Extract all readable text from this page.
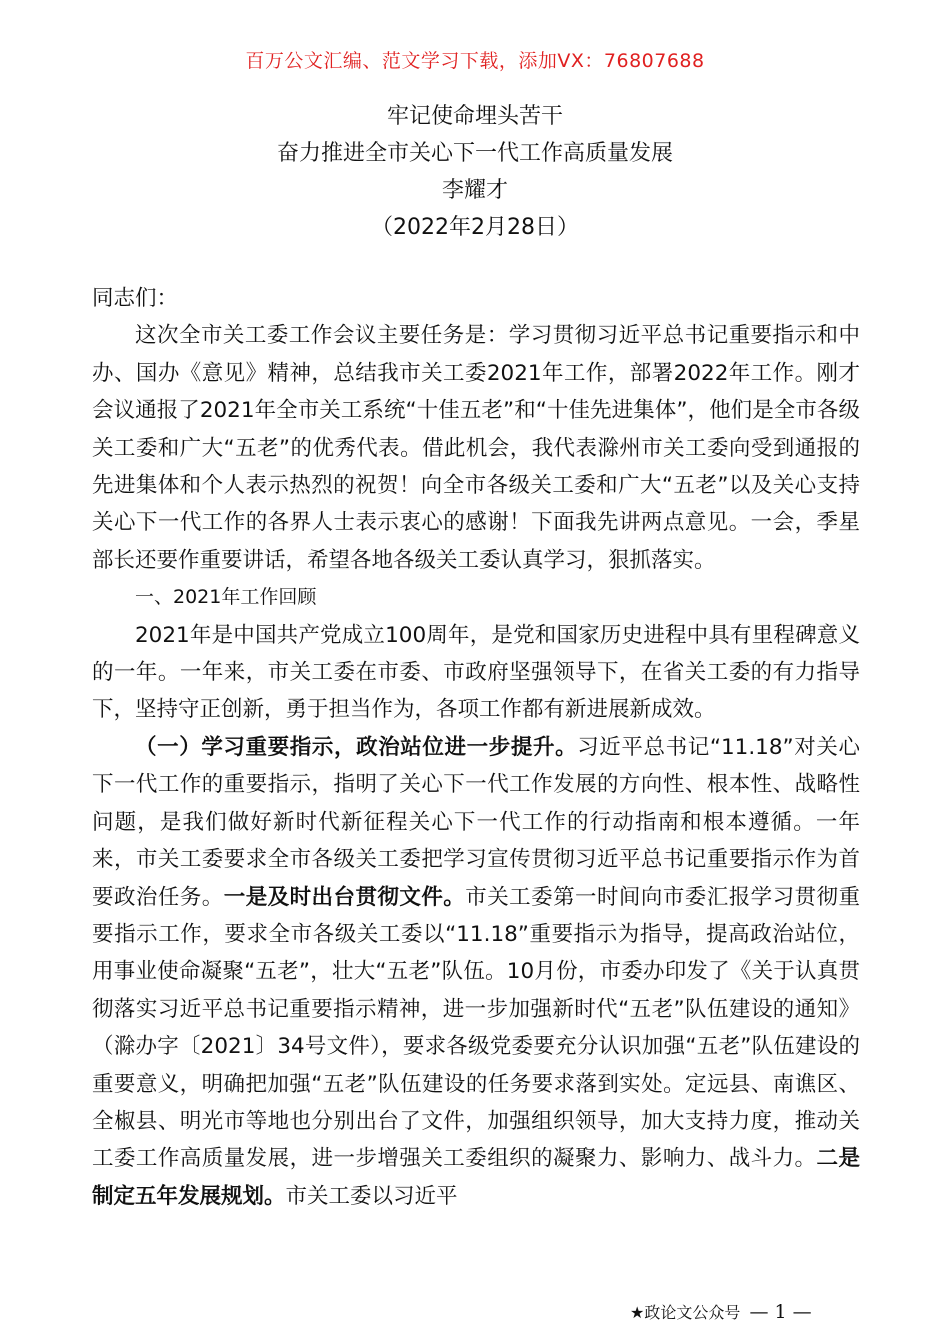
百万公文汇编、范文学习下载，添加VX：76807688
牢记使命埋头苦干
奋力推进全市关心下一代工作高质量发展
李耀才
（2022年2月28日）

同志们：

这次全市关工委工作会议主要任务是：学习贯彻习近平总书记重要指示和中办、国办《意见》精神，总结我市关工委2021年工作，部署2022年工作。刚才会议通报了2021年全市关工系统“十佳五老”和“十佳先进集体”，他们是全市各级关工委和广大“五老”的优秀代表。借此机会，我代表滁州市关工委向受到通报的先进集体和个人表示热烈的祝贺！向全市各级关工委和广大“五老”以及关心支持关心下一代工作的各界人士表示衷心的感谢！下面我先讲两点意见。一会，季星部长还要作重要讲话，希望各地各级关工委认真学习，狠抓落实。

一、2021年工作回顾

2021年是中国共产党成立100周年，是党和国家历史进程中具有里程碑意义的一年。一年来，市关工委在市委、市政府坚强领导下，在省关工委的有力指导下，坚持守正创新，勇于担当作为，各项工作都有新进展新成效。

（一）学习重要指示，政治站位进一步提升。习近平总书记“11.18”对关心下一代工作的重要指示，指明了关心下一代工作发展的方向性、根本性、战略性问题，是我们做好新时代新征程关心下一代工作的行动指南和根本遵循。一年来，市关工委要求全市各级关工委把学习宣传贯彻习近平总书记重要指示作为首要政治任务。一是及时出台贯彻文件。市关工委第一时间向市委汇报学习贯彻重要指示工作，要求全市各级关工委以“11.18”重要指示为指导，提高政治站位，用事业使命凝聚“五老”，壮大“五老”队伍。10月份，市委办印发了《关于认真贯彻落实习近平总书记重要指示精神，进一步加强新时代“五老”队伍建设的通知》（滁办字〔2021〕34号文件），要求各级党委要充分认识加强“五老”队伍建设的重要意义，明确把加强“五老”队伍建设的任务要求落到实处。定远县、南谯区、全椒县、明光市等地也分别出台了文件，加强组织领导，加大支持力度，推动关工委工作高质量发展，进一步增强关工委组织的凝聚力、影响力、战斗力。二是制定五年发展规划。市关工委以习近平

★政论文公众号 — 1 —
